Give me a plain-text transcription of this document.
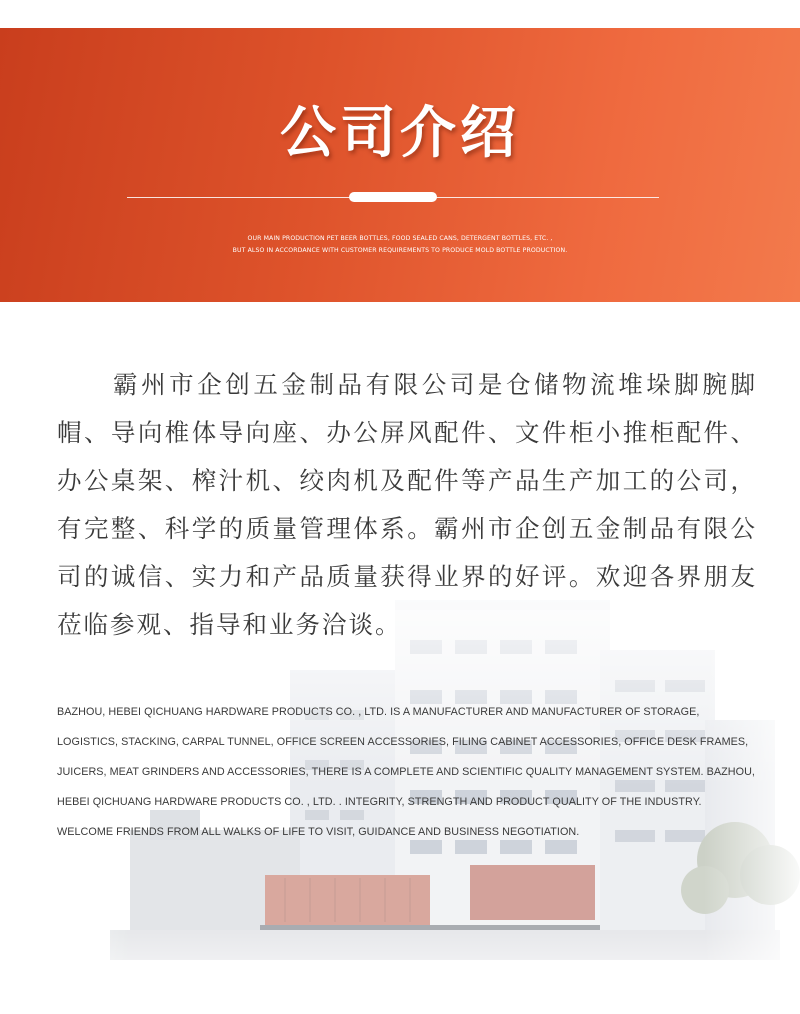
公司介绍
OUR MAIN PRODUCTION PET BEER BOTTLES, FOOD SEALED CANS, DETERGENT BOTTLES, ETC. ,
BUT ALSO IN ACCORDANCE WITH CUSTOMER REQUIREMENTS TO PRODUCE MOLD BOTTLE PRODUCTION.
霸州市企创五金制品有限公司是仓储物流堆垛脚腕脚帽、导向椎体导向座、办公屏风配件、文件柜小推柜配件、办公桌架、榨汁机、绞肉机及配件等产品生产加工的公司，有完整、科学的质量管理体系。霸州市企创五金制品有限公司的诚信、实力和产品质量获得业界的好评。欢迎各界朋友莅临参观、指导和业务洽谈。
BAZHOU, HEBEI QICHUANG HARDWARE PRODUCTS CO. , LTD. IS A MANUFACTURER AND MANUFACTURER OF STORAGE, LOGISTICS, STACKING, CARPAL TUNNEL, OFFICE SCREEN ACCESSORIES, FILING CABINET ACCESSORIES, OFFICE DESK FRAMES, JUICERS, MEAT GRINDERS AND ACCESSORIES, THERE IS A COMPLETE AND SCIENTIFIC QUALITY MANAGEMENT SYSTEM. BAZHOU, HEBEI QICHUANG HARDWARE PRODUCTS CO. , LTD. . INTEGRITY, STRENGTH AND PRODUCT QUALITY OF THE INDUSTRY. WELCOME FRIENDS FROM ALL WALKS OF LIFE TO VISIT, GUIDANCE AND BUSINESS NEGOTIATION.
